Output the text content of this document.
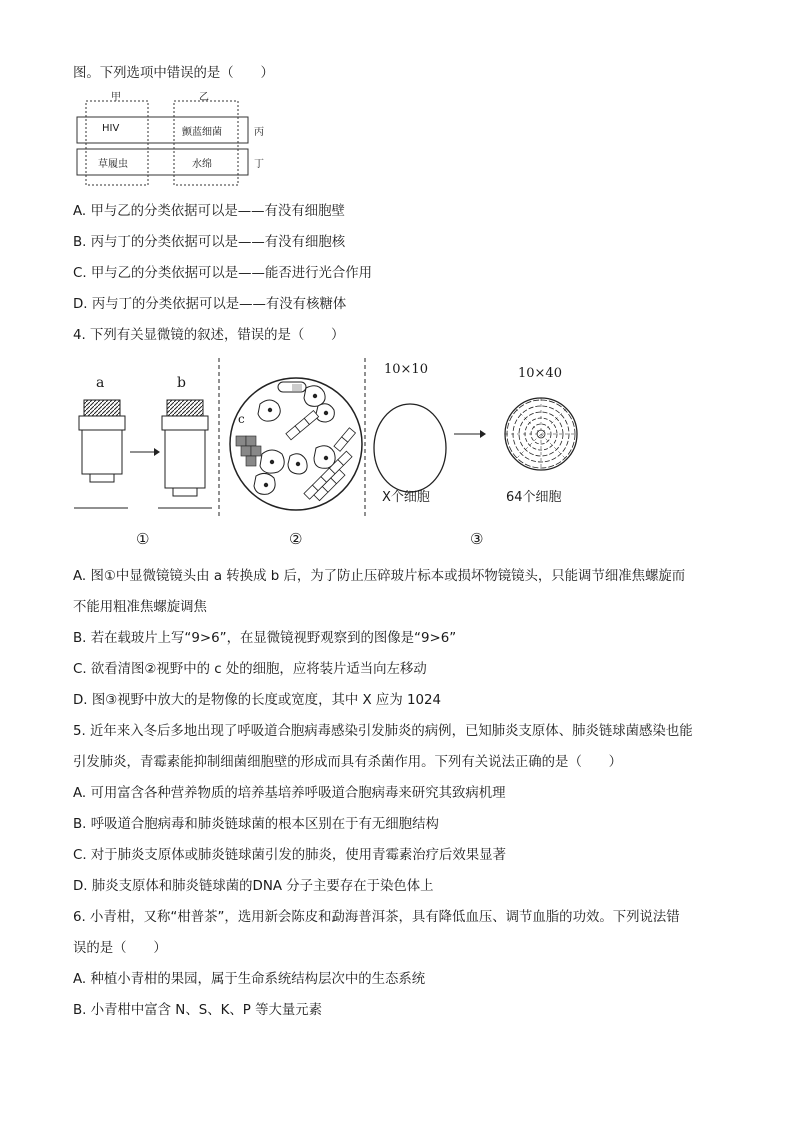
图。下列选项中错误的是（　　）
甲	乙
HIV	颤蓝细菌	丙
草履虫	水绵	丁
A. 甲与乙的分类依据可以是——有没有细胞壁
B. 丙与丁的分类依据可以是——有没有细胞核
C. 甲与乙的分类依据可以是——能否进行光合作用
D. 丙与丁的分类依据可以是——有没有核糖体
4. 下列有关显微镜的叙述，错误的是（　　）
a	b
c
10×10	10×40
X个细胞	64个细胞
①	②	③
A. 图①中显微镜镜头由 a 转换成 b 后，为了防止压碎玻片标本或损坏物镜镜头，只能调节细准焦螺旋而
不能用粗准焦螺旋调焦
B. 若在载玻片上写“9>6”，在显微镜视野观察到的图像是“9>6”
C. 欲看清图②视野中的 c 处的细胞，应将装片适当向左移动
D. 图③视野中放大的是物像的长度或宽度，其中 X 应为 1024
5. 近年来入冬后多地出现了呼吸道合胞病毒感染引发肺炎的病例，已知肺炎支原体、肺炎链球菌感染也能
引发肺炎，青霉素能抑制细菌细胞壁的形成而具有杀菌作用。下列有关说法正确的是（　　）
A. 可用富含各种营养物质的培养基培养呼吸道合胞病毒来研究其致病机理
B. 呼吸道合胞病毒和肺炎链球菌的根本区别在于有无细胞结构
C. 对于肺炎支原体或肺炎链球菌引发的肺炎，使用青霉素治疗后效果显著
D. 肺炎支原体和肺炎链球菌的DNA 分子主要存在于染色体上
6. 小青柑，又称“柑普茶”，选用新会陈皮和勐海普洱茶，具有降低血压、调节血脂的功效。下列说法错
误的是（　　）
A. 种植小青柑的果园，属于生命系统结构层次中的生态系统
B. 小青柑中富含 N、S、K、P 等大量元素
